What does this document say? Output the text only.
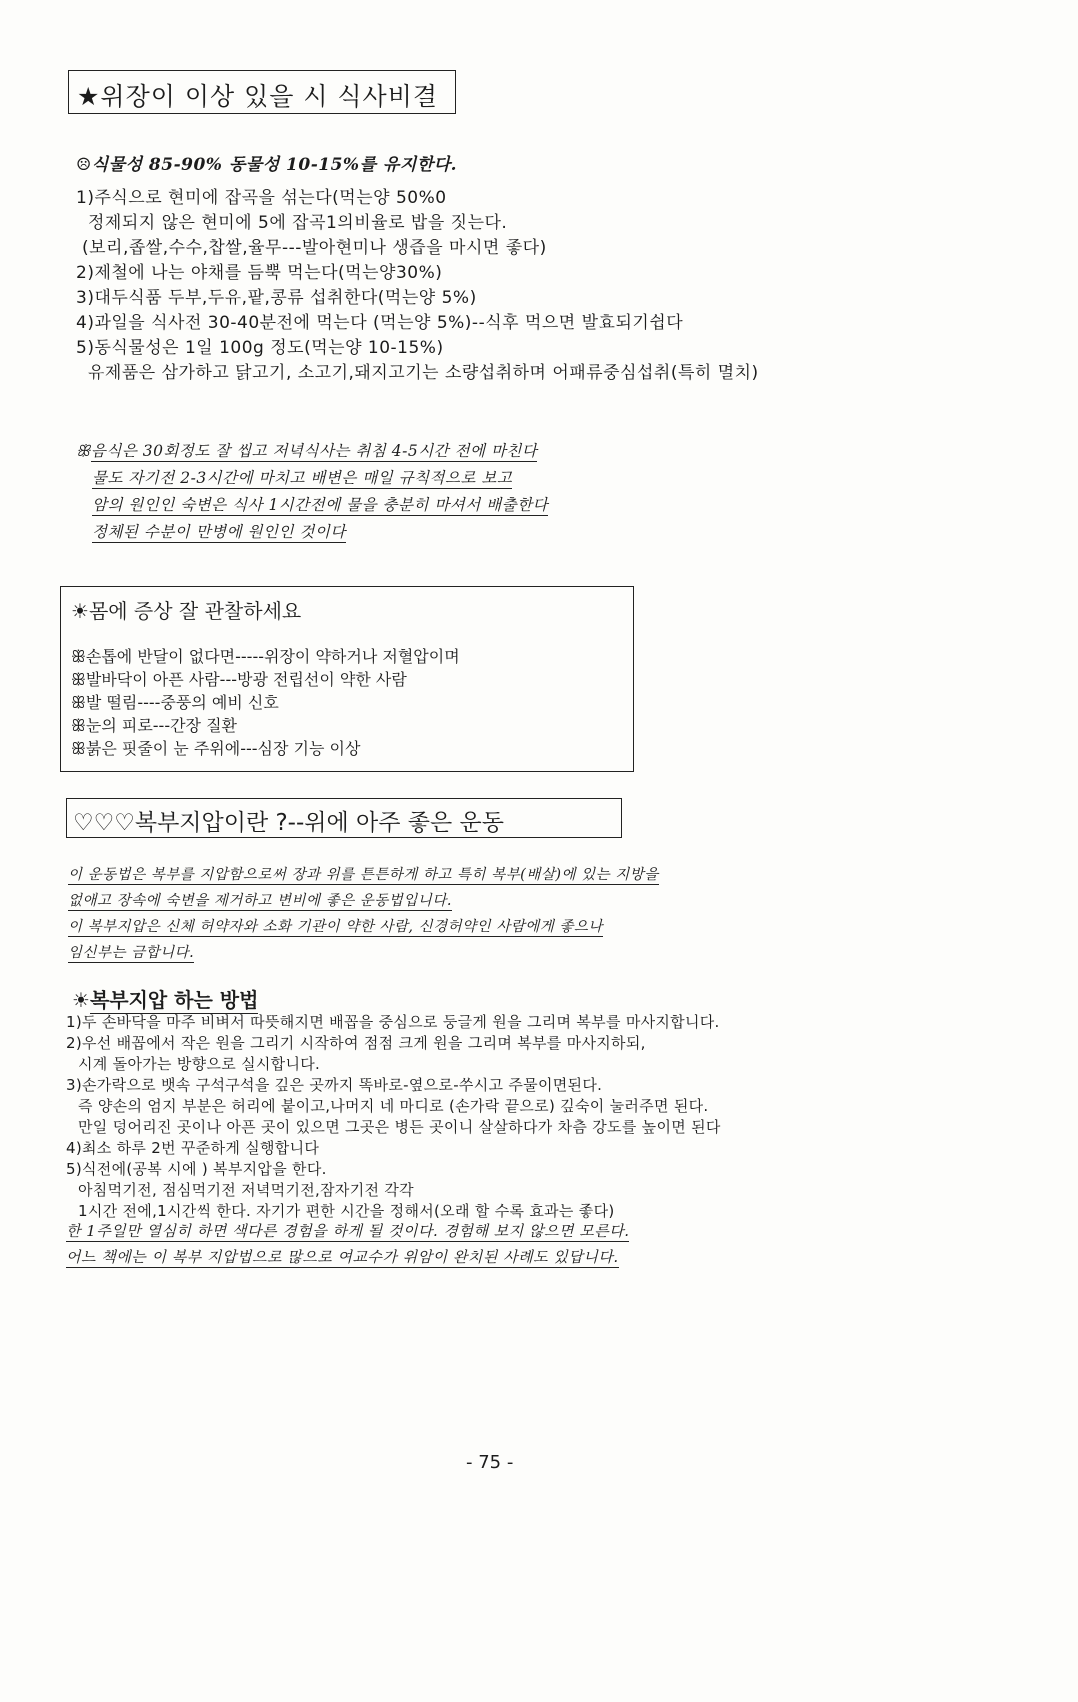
★위장이 이상 있을 시 식사비결
☹식물성 85-90% 동물성 10-15%를 유지한다.
1)주식으로 현미에 잡곡을 섞는다(먹는양 50%0
정제되지 않은 현미에 5에 잡곡1의비율로 밥을 짓는다.
(보리,좁쌀,수수,찹쌀,율무---발아현미나 생즙을 마시면 좋다)
2)제철에 나는 야채를 듬뿍 먹는다(먹는양30%)
3)대두식품 두부,두유,팥,콩류 섭취한다(먹는양 5%)
4)과일을 식사전 30-40분전에 먹는다 (먹는양 5%)--식후 먹으면 발효되기쉽다
5)동식물성은 1일 100g 정도(먹는양 10-15%)
유제품은 삼가하고 닭고기, 소고기,돼지고기는 소량섭취하며 어패류중심섭취(특히 멸치)
ꕥ음식은 30회정도 잘 씹고 저녁식사는 취침 4-5시간 전에 마친다
물도 자기전 2-3시간에 마치고 배변은 매일 규칙적으로 보고
암의 원인인 숙변은 식사 1시간전에 물을 충분히 마셔서 배출한다
정체된 수분이 만병에 원인인 것이다
☀몸에 증상 잘 관찰하세요
ꕥ손톱에 반달이 없다면-----위장이 약하거나 저혈압이며
ꕥ발바닥이 아픈 사람---방광 전립선이 약한 사람
ꕥ발 떨림----중풍의 예비 신호
ꕥ눈의 피로---간장 질환
ꕥ붉은 핏줄이 눈 주위에---심장 기능 이상
♡♡♡복부지압이란 ?--위에 아주 좋은 운동
이 운동법은 복부를 지압함으로써 장과 위를 튼튼하게 하고 특히 복부(배살)에 있는 지방을
없애고 장속에 숙변을 제거하고 변비에 좋은 운동법입니다.
이 복부지압은 신체 허약자와 소화 기관이 약한 사람, 신경허약인 사람에게 좋으나
임신부는 금합니다.
☀복부지압 하는 방법
1)두 손바닥을 마주 비벼서 따뜻해지면 배꼽을 중심으로 둥글게 원을 그리며 복부를 마사지합니다.
2)우선 배꼽에서 작은 원을 그리기 시작하여 점점 크게 원을 그리며 복부를 마사지하되,
시계 돌아가는 방향으로 실시합니다.
3)손가락으로 뱃속 구석구석을 깊은 곳까지 똑바로-옆으로-쑤시고 주물이면된다.
즉 양손의 엄지 부분은 허리에 붙이고,나머지 네 마디로 (손가락 끝으로) 깊숙이 눌러주면 된다.
만일 덩어리진 곳이나 아픈 곳이 있으면 그곳은 병든 곳이니 살살하다가 차츰 강도를 높이면 된다
4)최소 하루 2번 꾸준하게 실행합니다
5)식전에(공복 시에 ) 복부지압을 한다.
아침먹기전, 점심먹기전 저녁먹기전,잠자기전 각각
1시간 전에,1시간씩 한다. 자기가 편한 시간을 정해서(오래 할 수록 효과는 좋다)
한 1주일만 열심히 하면 색다른 경험을 하게 될 것이다. 경험해 보지 않으면 모른다.
어느 책에는 이 복부 지압법으로 많으로 여교수가 위암이 완치된 사례도 있답니다.
- 75 -
